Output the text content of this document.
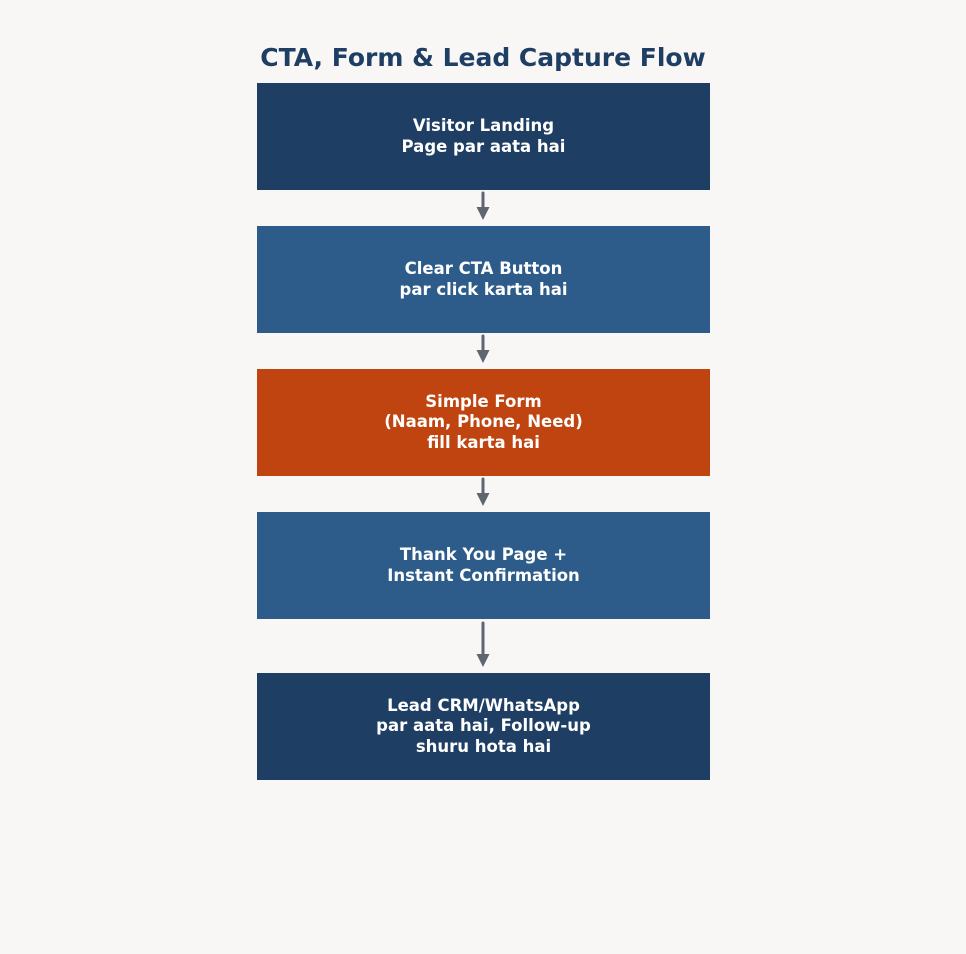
CTA, Form & Lead Capture Flow
Visitor Landing
Page par aata hai
Clear CTA Button
par click karta hai
Simple Form
(Naam, Phone, Need)
fill karta hai
Thank You Page +
Instant Confirmation
Lead CRM/WhatsApp
par aata hai, Follow-up
shuru hota hai
